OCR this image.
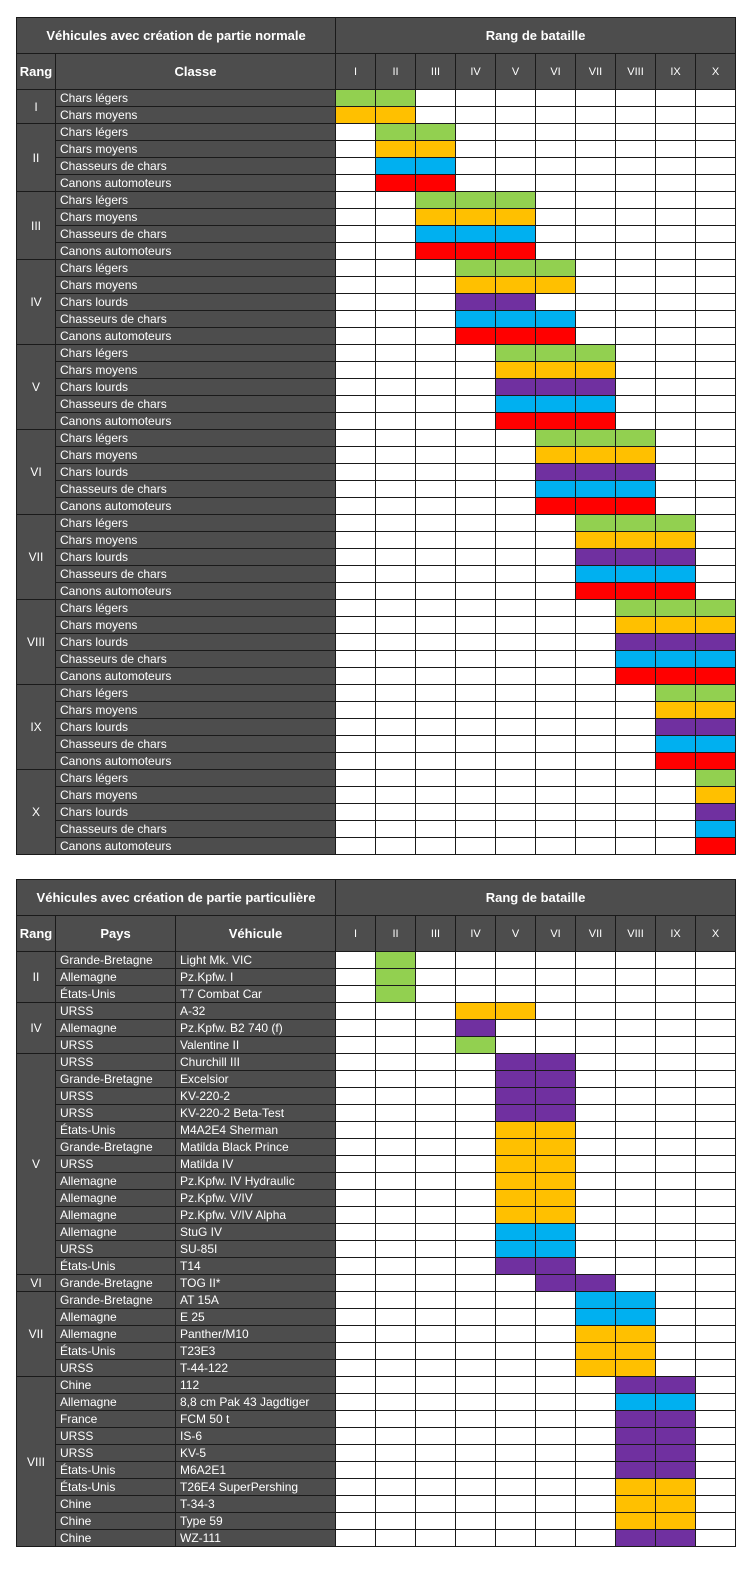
Véhicules avec création de partie normale		Rang de bataille									
Rang	Classe	I	II	III	IV	V	VI	VII	VIII	IX	X
I	Chars légers										
	Chars moyens										
II	Chars légers										
	Chars moyens										
	Chasseurs de chars										
	Canons automoteurs										
III	Chars légers										
	Chars moyens										
	Chasseurs de chars										
	Canons automoteurs										
IV	Chars légers										
	Chars moyens										
	Chars lourds										
	Chasseurs de chars										
	Canons automoteurs										
V	Chars légers										
	Chars moyens										
	Chars lourds										
	Chasseurs de chars										
	Canons automoteurs										
VI	Chars légers										
	Chars moyens										
	Chars lourds										
	Chasseurs de chars										
	Canons automoteurs										
VII	Chars légers										
	Chars moyens										
	Chars lourds										
	Chasseurs de chars										
	Canons automoteurs										
VIII	Chars légers										
	Chars moyens										
	Chars lourds										
	Chasseurs de chars										
	Canons automoteurs										
IX	Chars légers										
	Chars moyens										
	Chars lourds										
	Chasseurs de chars										
	Canons automoteurs										
X	Chars légers										
	Chars moyens										
	Chars lourds										
	Chasseurs de chars										
	Canons automoteurs										
Véhicules avec création de partie particulière			Rang de bataille									
Rang	Pays	Véhicule	I	II	III	IV	V	VI	VII	VIII	IX	X
II	Grande-Bretagne	Light Mk. VIC										
	Allemagne	Pz.Kpfw. I										
	États-Unis	T7 Combat Car										
IV	URSS	A-32										
	Allemagne	Pz.Kpfw. B2 740 (f)										
	URSS	Valentine II										
V	URSS	Churchill III										
	Grande-Bretagne	Excelsior										
	URSS	KV-220-2										
	URSS	KV-220-2 Beta-Test										
	États-Unis	M4A2E4 Sherman										
	Grande-Bretagne	Matilda Black Prince										
	URSS	Matilda IV										
	Allemagne	Pz.Kpfw. IV Hydraulic										
	Allemagne	Pz.Kpfw. V/IV										
	Allemagne	Pz.Kpfw. V/IV Alpha										
	Allemagne	StuG IV										
	URSS	SU-85I										
	États-Unis	T14										
VI	Grande-Bretagne	TOG II*										
VII	Grande-Bretagne	AT 15A										
	Allemagne	E 25										
	Allemagne	Panther/M10										
	États-Unis	T23E3										
	URSS	T-44-122										
VIII	Chine	112										
	Allemagne	8,8 cm Pak 43 Jagdtiger										
	France	FCM 50 t										
	URSS	IS-6										
	URSS	KV-5										
	États-Unis	M6A2E1										
	États-Unis	T26E4 SuperPershing										
	Chine	T-34-3										
	Chine	Type 59										
	Chine	WZ-111										
